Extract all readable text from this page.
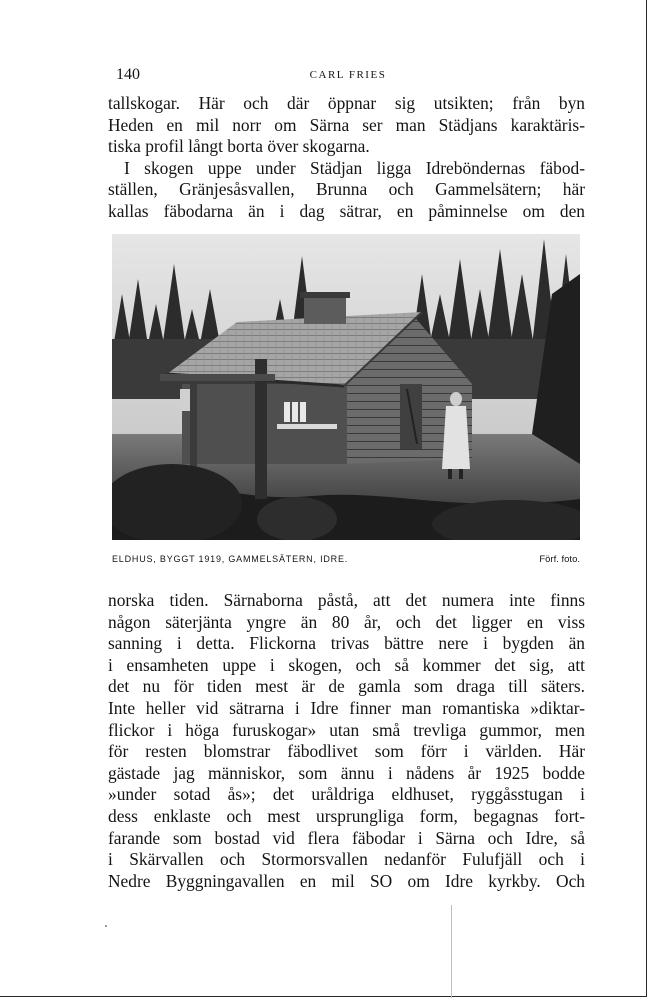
140	CARL FRIES
tallskogar. Här och där öppnar sig utsikten; från byn
Heden en mil norr om Särna ser man Städjans karaktäris-
tiska profil långt borta över skogarna.
I skogen uppe under Städjan ligga Idreböndernas fäbod-
ställen, Gränjesåsvallen, Brunna och Gammelsätern; här
kallas fäbodarna än i dag sätrar, en påminnelse om den
ELDHUS, BYGGT 1919, GAMMELSÄTERN, IDRE.	Förf. foto.
norska tiden. Särnaborna påstå, att det numera inte finns
någon säterjänta yngre än 80 år, och det ligger en viss
sanning i detta. Flickorna trivas bättre nere i bygden än
i ensamheten uppe i skogen, och så kommer det sig, att
det nu för tiden mest är de gamla som draga till säters.
Inte heller vid sätrarna i Idre finner man romantiska »diktar-
flickor i höga furuskogar» utan små trevliga gummor, men
för resten blomstrar fäbodlivet som förr i världen. Här
gästade jag människor, som ännu i nådens år 1925 bodde
»under sotad ås»; det uråldriga eldhuset, ryggåsstugan i
dess enklaste och mest ursprungliga form, begagnas fort-
farande som bostad vid flera fäbodar i Särna och Idre, så
i Skärvallen och Stormorsvallen nedanför Fulufjäll och i
Nedre Byggningavallen en mil SO om Idre kyrkby. Och
